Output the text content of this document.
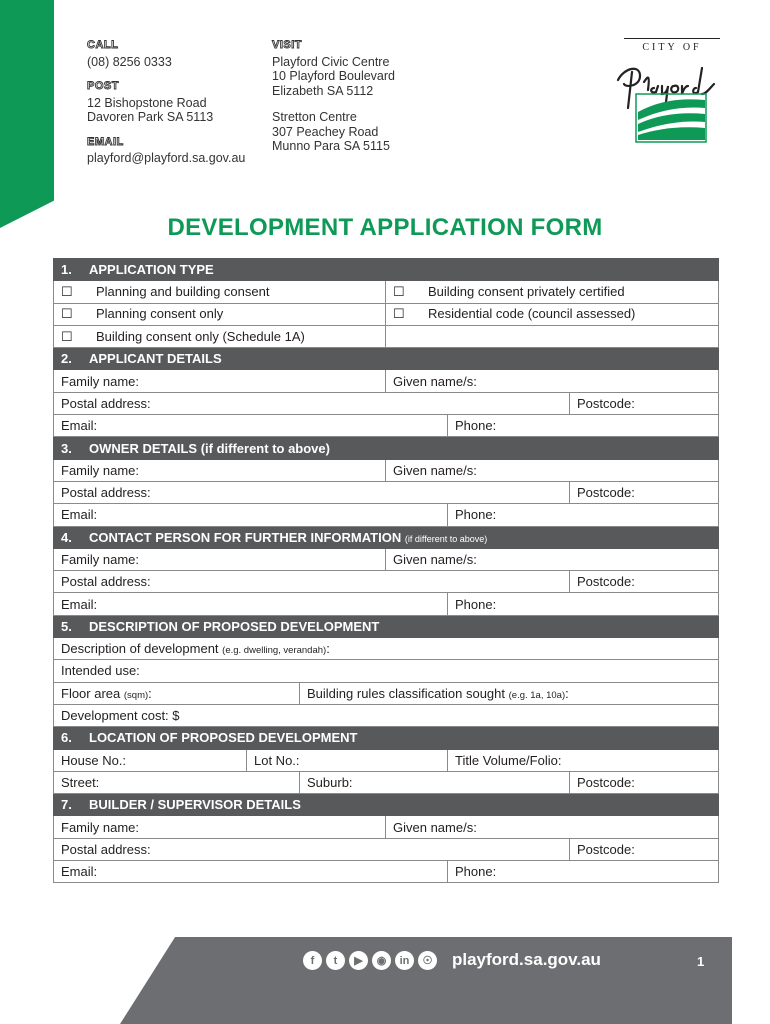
CALL
(08) 8256 0333
POST
12 Bishopstone Road
Davoren Park SA 5113
EMAIL
playford@playford.sa.gov.au
VISIT
Playford Civic Centre
10 Playford Boulevard
Elizabeth SA 5112
Stretton Centre
307 Peachey Road
Munno Para SA 5115
CITY OF
DEVELOPMENT APPLICATION FORM
1. APPLICATION TYPE					
☐ Planning and building consent			☐ Building consent privately certified		
☐ Planning consent only			☐ Residential code (council assessed)		
☐ Building consent only (Schedule 1A)					
2. APPLICANT DETAILS					
Family name:			Given name/s:		
Postal address:					Postcode:
Email:				Phone:	
3. OWNER DETAILS (if different to above)					
Family name:			Given name/s:		
Postal address:					Postcode:
Email:				Phone:	
4. CONTACT PERSON FOR FURTHER INFORMATION (if different to above)					
Family name:			Given name/s:		
Postal address:					Postcode:
Email:				Phone:	
5. DESCRIPTION OF PROPOSED DEVELOPMENT					
Description of development (e.g. dwelling, verandah):					
Intended use:					
Floor area (sqm):		Building rules classification sought (e.g. 1a, 10a):			
Development cost: $					
6. LOCATION OF PROPOSED DEVELOPMENT					
House No.:	Lot No.:			Title Volume/Folio:	
Street:		Suburb:			Postcode:
7. BUILDER / SUPERVISOR DETAILS					
Family name:			Given name/s:		
Postal address:					Postcode:
Email:				Phone:	
f	t	▶	◉	in	☉ playford.sa.gov.au	1
